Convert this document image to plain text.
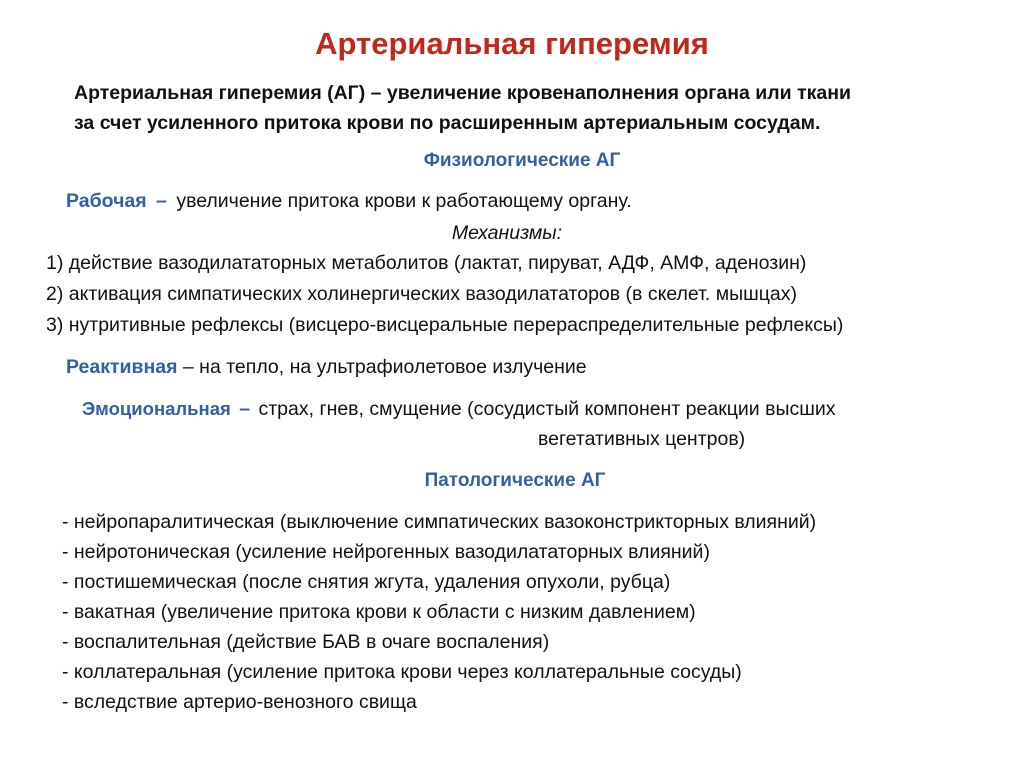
Артериальная гиперемия
Артериальная гиперемия (АГ) – увеличение кровенаполнения органа или ткани
за счет усиленного притока крови по расширенным артериальным сосудам.
Физиологические АГ
Рабочая – увеличение притока крови к работающему органу.
Механизмы:
1) действие вазодилататорных метаболитов (лактат, пируват, АДФ, АМФ, аденозин)
2) активация симпатических холинергических вазодилататоров (в скелет. мышцах)
3) нутритивные рефлексы (висцеро-висцеральные перераспределительные рефлексы)
Реактивная – на тепло, на ультрафиолетовое излучение
Эмоциональная – страх, гнев, смущение (сосудистый компонент реакции высших
вегетативных центров)
Патологические АГ
- нейропаралитическая (выключение симпатических вазоконстрикторных влияний)
- нейротоническая (усиление нейрогенных вазодилататорных влияний)
- постишемическая (после снятия жгута, удаления опухоли, рубца)
- вакатная (увеличение притока крови к области с низким давлением)
- воспалительная (действие БАВ в очаге воспаления)
- коллатеральная (усиление притока крови через коллатеральные сосуды)
- вследствие артерио-венозного свища
